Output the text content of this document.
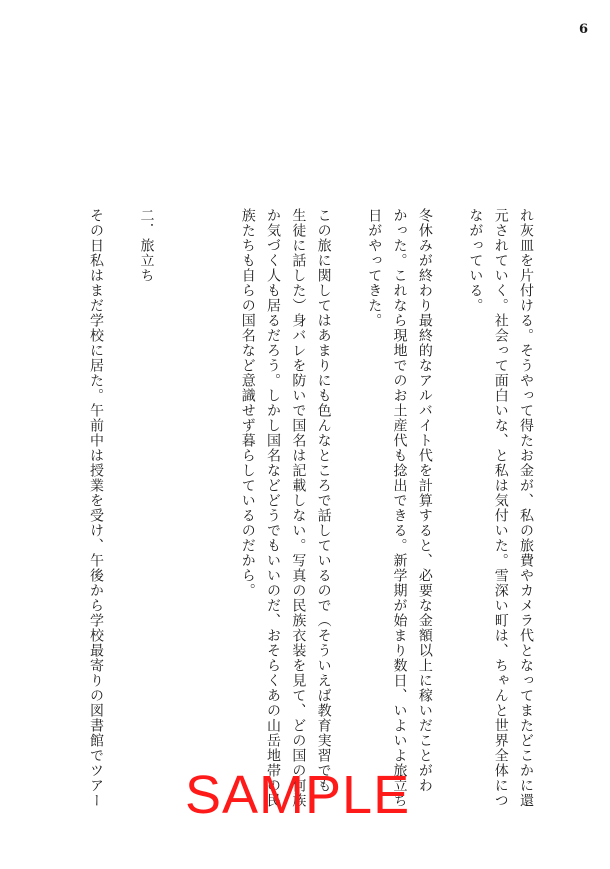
6

れ灰皿を片付ける。そうやって得たお金が、私の旅費やカメラ代となってまたどこかに還

元されていく。社会って面白いな、と私は気付いた。雪深い町は、ちゃんと世界全体につ

ながっている。

冬休みが終わり最終的なアルバイト代を計算すると、必要な金額以上に稼いだことがわ

かった。これなら現地でのお土産代も捻出できる。新学期が始まり数日、いよいよ旅立ち

日がやってきた。

この旅に関してはあまりにも色んなところで話しているので（そういえば教育実習でも

生徒に話した）身バレを防いで国名は記載しない。写真の民族衣装を見て、どの国の何族

か気づく人も居るだろう。しかし国名などどうでもいいのだ、おそらくあの山岳地帯の民

族たちも自らの国名など意識せず暮らしているのだから。

二．旅立ち

その日私はまだ学校に居た。午前中は授業を受け、午後から学校最寄りの図書館でツアー SAMPLE
